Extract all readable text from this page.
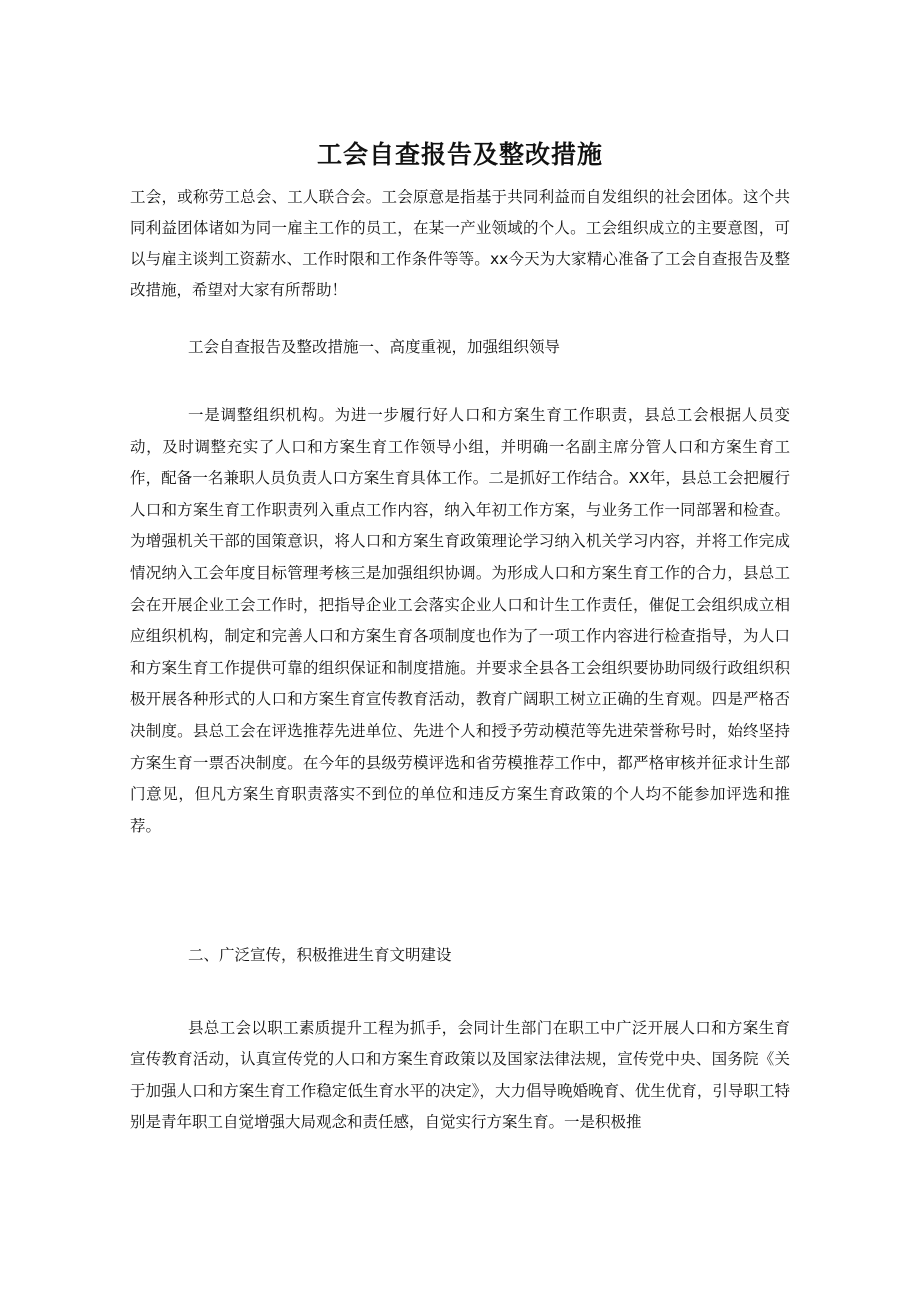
工会自查报告及整改措施

工会，或称劳工总会、工人联合会。工会原意是指基于共同利益而自发组织的社会团体。这个共同利益团体诸如为同一雇主工作的员工，在某一产业领域的个人。工会组织成立的主要意图，可以与雇主谈判工资薪水、工作时限和工作条件等等。xx今天为大家精心准备了工会自查报告及整改措施，希望对大家有所帮助！

工会自查报告及整改措施一、高度重视，加强组织领导

一是调整组织机构。为进一步履行好人口和方案生育工作职责，县总工会根据人员变动，及时调整充实了人口和方案生育工作领导小组，并明确一名副主席分管人口和方案生育工作，配备一名兼职人员负责人口方案生育具体工作。二是抓好工作结合。XX年，县总工会把履行人口和方案生育工作职责列入重点工作内容，纳入年初工作方案，与业务工作一同部署和检查。为增强机关干部的国策意识，将人口和方案生育政策理论学习纳入机关学习内容，并将工作完成情况纳入工会年度目标管理考核三是加强组织协调。为形成人口和方案生育工作的合力，县总工会在开展企业工会工作时，把指导企业工会落实企业人口和计生工作责任，催促工会组织成立相应组织机构，制定和完善人口和方案生育各项制度也作为了一项工作内容进行检查指导，为人口和方案生育工作提供可靠的组织保证和制度措施。并要求全县各工会组织要协助同级行政组织积极开展各种形式的人口和方案生育宣传教育活动，教育广阔职工树立正确的生育观。四是严格否决制度。县总工会在评选推荐先进单位、先进个人和授予劳动模范等先进荣誉称号时，始终坚持方案生育一票否决制度。在今年的县级劳模评选和省劳模推荐工作中，都严格审核并征求计生部门意见，但凡方案生育职责落实不到位的单位和违反方案生育政策的个人均不能参加评选和推荐。

二、广泛宣传，积极推进生育文明建设

县总工会以职工素质提升工程为抓手，会同计生部门在职工中广泛开展人口和方案生育宣传教育活动，认真宣传党的人口和方案生育政策以及国家法律法规，宣传党中央、国务院《关于加强人口和方案生育工作稳定低生育水平的决定》，大力倡导晚婚晚育、优生优育，引导职工特别是青年职工自觉增强大局观念和责任感，自觉实行方案生育。一是积极推
